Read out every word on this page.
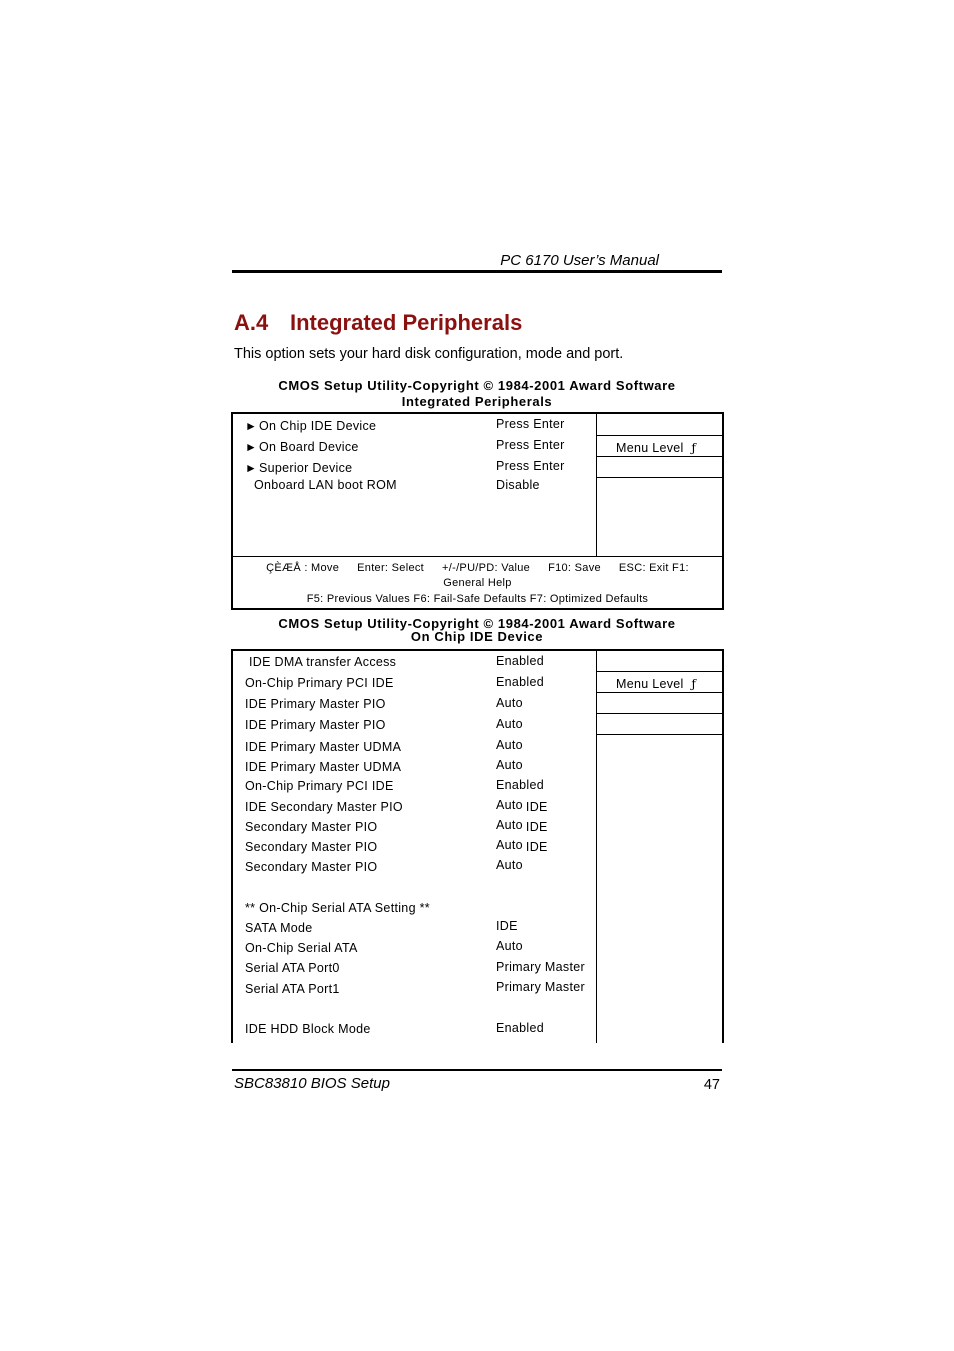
PC 6170 User’s Manual
A.4 Integrated Peripherals
This option sets your hard disk configuration, mode and port.
CMOS Setup Utility-Copyright © 1984-2001 Award Software
Integrated Peripherals
Menu Level ƒ
► On Chip IDE Device	Press Enter
► On Board Device	Press Enter
► Superior Device	Press Enter
Onboard LAN boot ROM	Disable
ÇÈÆÅ : Move Enter: Select +/-/PU/PD: Value F10: Save ESC: Exit F1:
General Help
F5: Previous Values F6: Fail-Safe Defaults F7: Optimized Defaults
CMOS Setup Utility-Copyright © 1984-2001 Award Software
On Chip IDE Device
Menu Level ƒ
IDE DMA transfer Access	Enabled
On-Chip Primary PCI IDE	Enabled
IDE Primary Master PIO	Auto
IDE Primary Master PIO	Auto
IDE Primary Master UDMA	Auto
IDE Primary Master UDMA	Auto
On-Chip Primary PCI IDE	Enabled
IDE Secondary Master PIO	Auto IDE
Secondary Master PIO	Auto IDE
Secondary Master PIO	Auto IDE
Secondary Master PIO	Auto
** On-Chip Serial ATA Setting **
SATA Mode	IDE
On-Chip Serial ATA	Auto
Serial ATA Port0	Primary Master
Serial ATA Port1	Primary Master
IDE HDD Block Mode	Enabled
SBC83810 BIOS Setup	47
